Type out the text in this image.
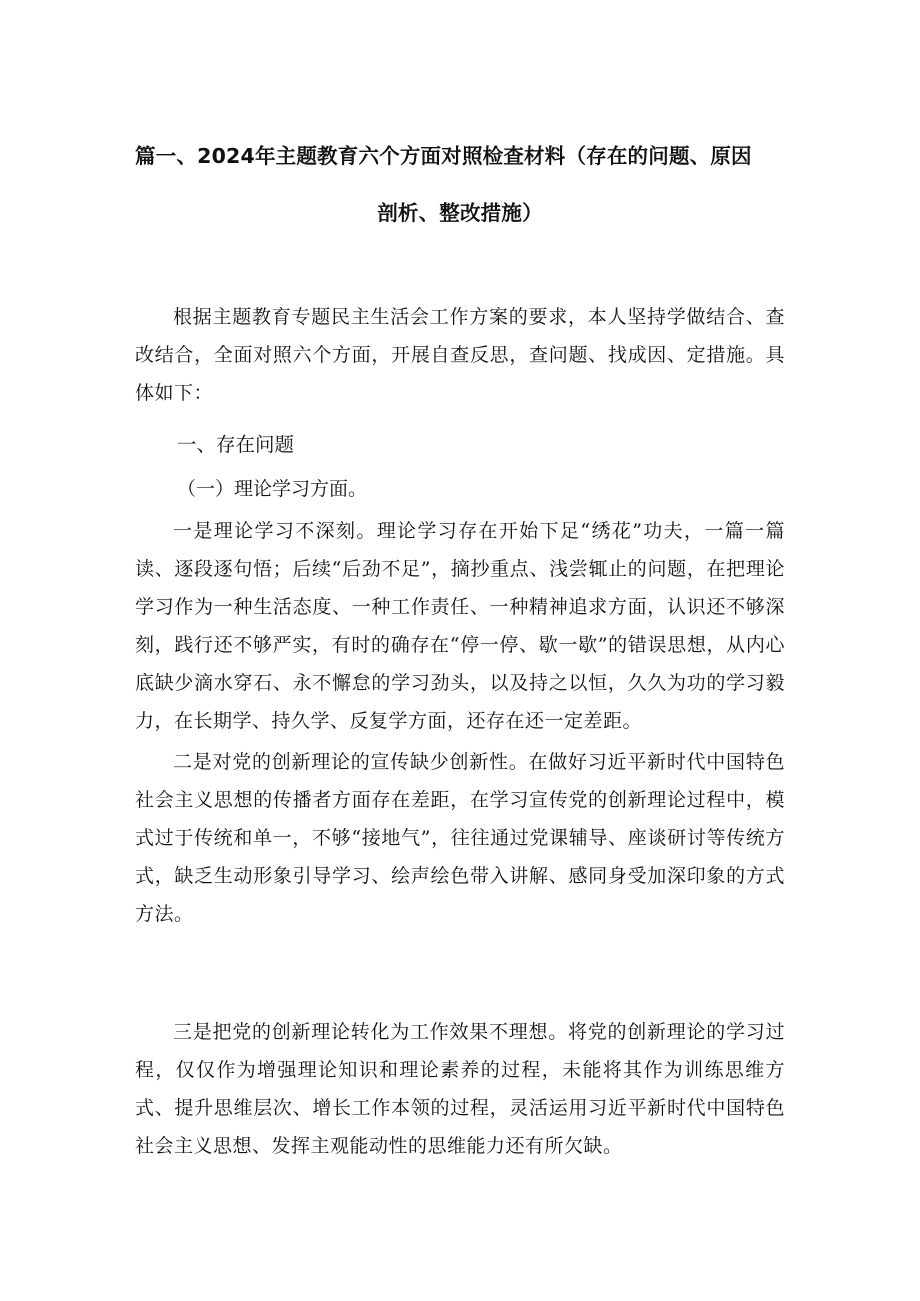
篇一、2024年主题教育六个方面对照检查材料（存在的问题、原因
剖析、整改措施）

根据主题教育专题民主生活会工作方案的要求，本人坚持学做结合、查改结合，全面对照六个方面，开展自查反思，查问题、找成因、定措施。具体如下：

一、存在问题
（一）理论学习方面。

一是理论学习不深刻。理论学习存在开始下足“绣花”功夫，一篇一篇读、逐段逐句悟；后续“后劲不足”，摘抄重点、浅尝辄止的问题，在把理论学习作为一种生活态度、一种工作责任、一种精神追求方面，认识还不够深刻，践行还不够严实，有时的确存在“停一停、歇一歇”的错误思想，从内心底缺少滴水穿石、永不懈怠的学习劲头，以及持之以恒，久久为功的学习毅力，在长期学、持久学、反复学方面，还存在还一定差距。

二是对党的创新理论的宣传缺少创新性。在做好习近平新时代中国特色社会主义思想的传播者方面存在差距，在学习宣传党的创新理论过程中，模式过于传统和单一，不够“接地气”，往往通过党课辅导、座谈研讨等传统方式，缺乏生动形象引导学习、绘声绘色带入讲解、感同身受加深印象的方式方法。

三是把党的创新理论转化为工作效果不理想。将党的创新理论的学习过程，仅仅作为增强理论知识和理论素养的过程，未能将其作为训练思维方式、提升思维层次、增长工作本领的过程，灵活运用习近平新时代中国特色社会主义思想、发挥主观能动性的思维能力还有所欠缺。
